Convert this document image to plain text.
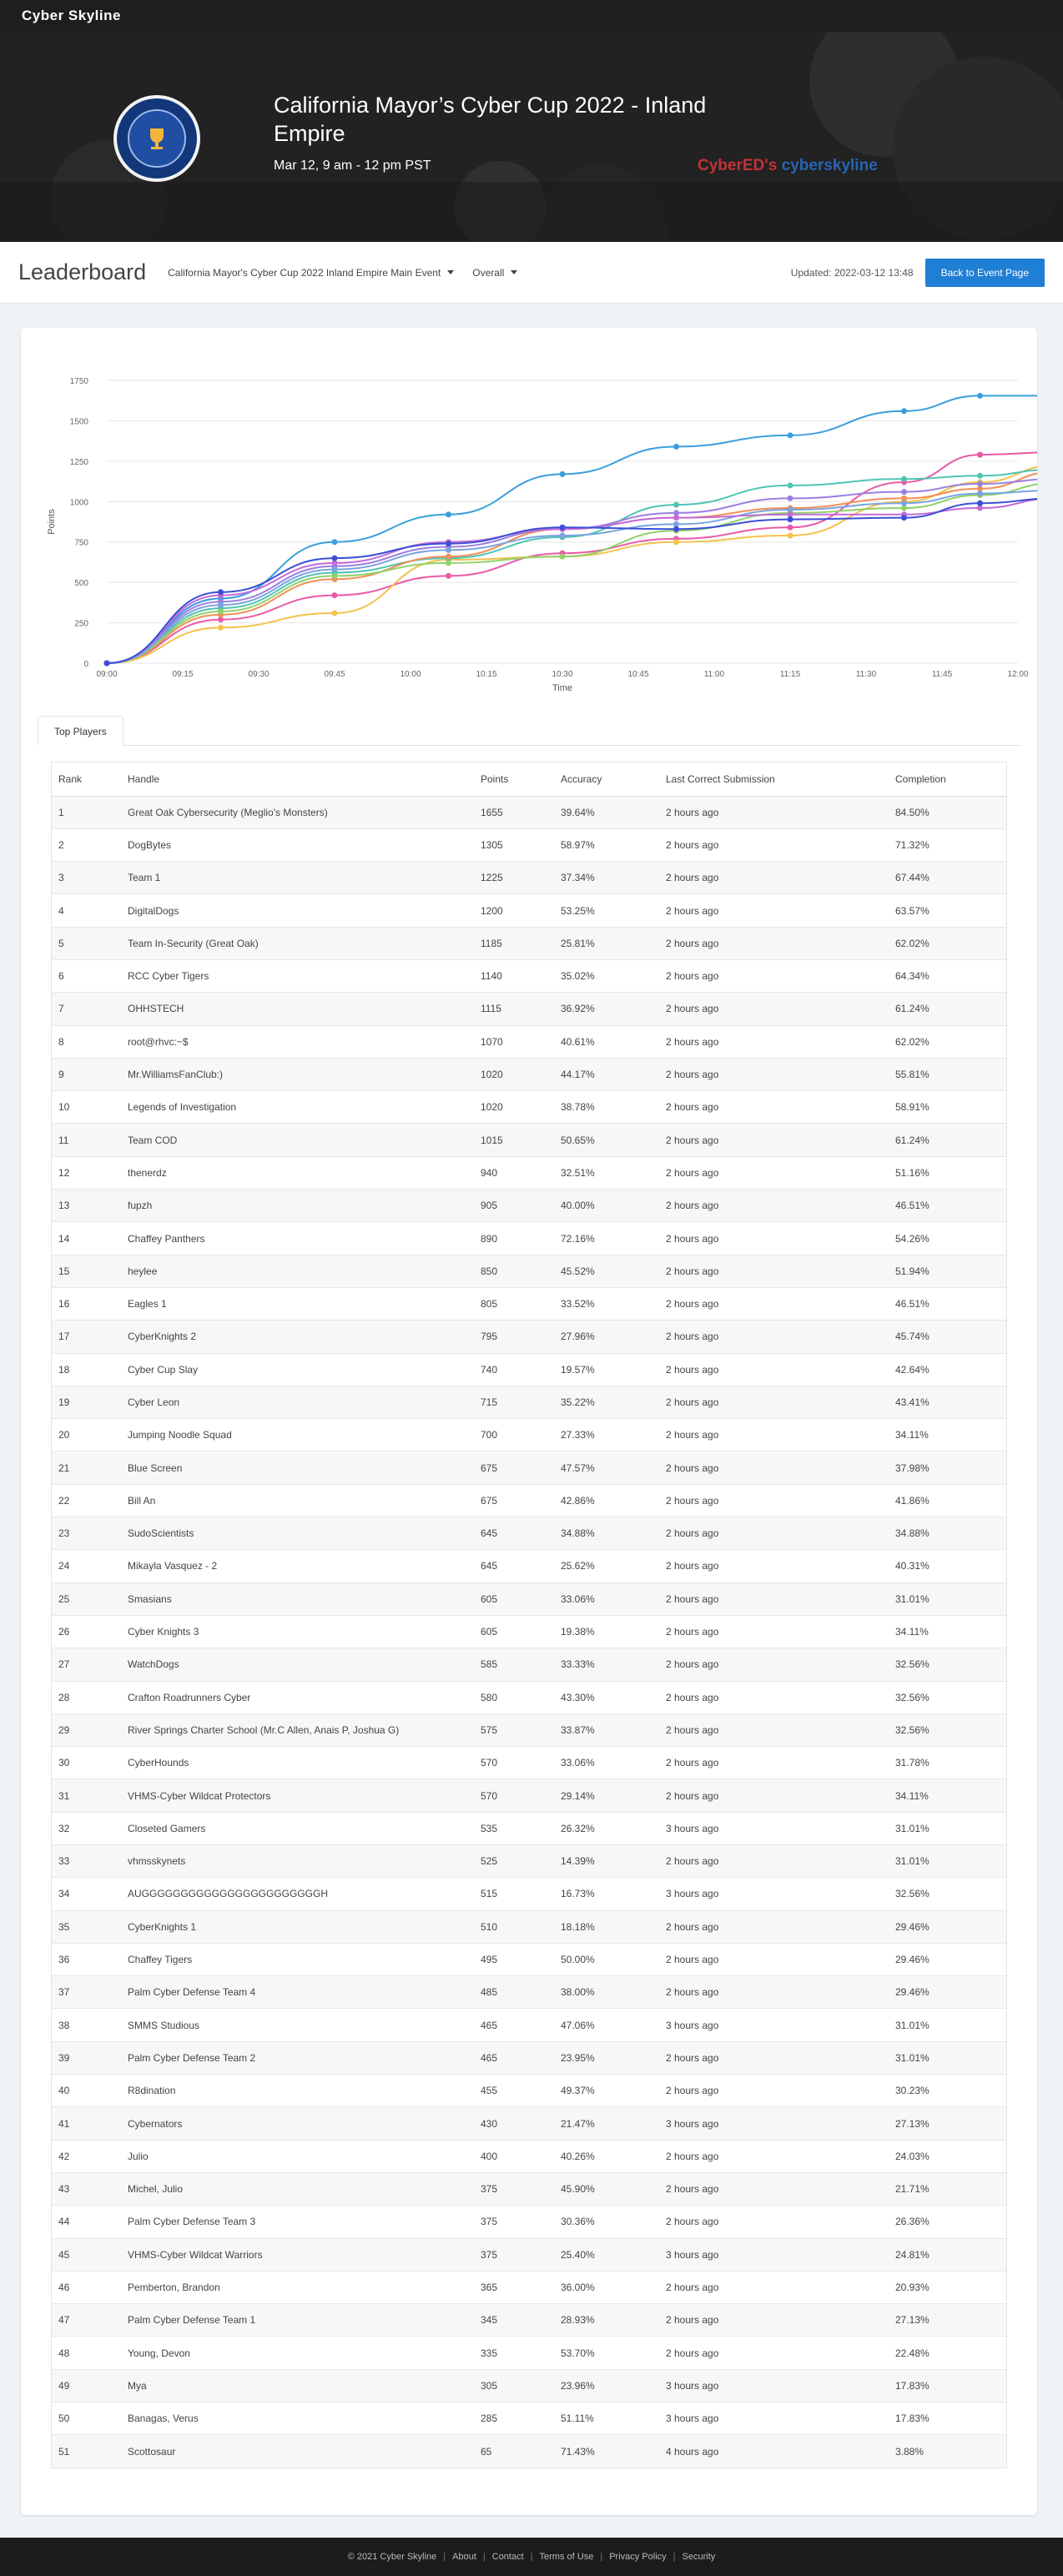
Cyber Skyline
California Mayor’s Cyber Cup 2022 - Inland Empire
Mar 12, 9 am - 12 pm PST	CyberED's cyberskyline
Leaderboard California Mayor's Cyber Cup 2022 Inland Empire Main Event	Overall	Updated: 2022-03-12 13:48	Back to Event Page
0
250
500
750
1000
1250
1500
1750
09:00	09:15	09:30	09:45	10:00	10:15	10:30	10:45	11:00	11:15	11:30	11:45	12:00
Time
Points
Top Players
Rank	Handle	Points	Accuracy	Last Correct Submission	Completion
1	Great Oak Cybersecurity (Meglio's Monsters)	1655	39.64%	2 hours ago	84.50%
2	DogBytes	1305	58.97%	2 hours ago	71.32%
3	Team 1	1225	37.34%	2 hours ago	67.44%
4	DigitalDogs	1200	53.25%	2 hours ago	63.57%
5	Team In-Security (Great Oak)	1185	25.81%	2 hours ago	62.02%
6	RCC Cyber Tigers	1140	35.02%	2 hours ago	64.34%
7	OHHSTECH	1115	36.92%	2 hours ago	61.24%
8	root@rhvc:~$	1070	40.61%	2 hours ago	62.02%
9	Mr.WilliamsFanClub:)	1020	44.17%	2 hours ago	55.81%
10	Legends of Investigation	1020	38.78%	2 hours ago	58.91%
11	Team COD	1015	50.65%	2 hours ago	61.24%
12	thenerdz	940	32.51%	2 hours ago	51.16%
13	fupzh	905	40.00%	2 hours ago	46.51%
14	Chaffey Panthers	890	72.16%	2 hours ago	54.26%
15	heylee	850	45.52%	2 hours ago	51.94%
16	Eagles 1	805	33.52%	2 hours ago	46.51%
17	CyberKnights 2	795	27.96%	2 hours ago	45.74%
18	Cyber Cup Slay	740	19.57%	2 hours ago	42.64%
19	Cyber Leon	715	35.22%	2 hours ago	43.41%
20	Jumping Noodle Squad	700	27.33%	2 hours ago	34.11%
21	Blue Screen	675	47.57%	2 hours ago	37.98%
22	Bill An	675	42.86%	2 hours ago	41.86%
23	SudoScientists	645	34.88%	2 hours ago	34.88%
24	Mikayla Vasquez - 2	645	25.62%	2 hours ago	40.31%
25	Smasians	605	33.06%	2 hours ago	31.01%
26	Cyber Knights 3	605	19.38%	2 hours ago	34.11%
27	WatchDogs	585	33.33%	2 hours ago	32.56%
28	Crafton Roadrunners Cyber	580	43.30%	2 hours ago	32.56%
29	River Springs Charter School (Mr.C Allen, Anais P, Joshua G)	575	33.87%	2 hours ago	32.56%
30	CyberHounds	570	33.06%	2 hours ago	31.78%
31	VHMS-Cyber Wildcat Protectors	570	29.14%	2 hours ago	34.11%
32	Closeted Gamers	535	26.32%	3 hours ago	31.01%
33	vhmsskynets	525	14.39%	2 hours ago	31.01%
34	AUGGGGGGGGGGGGGGGGGGGGGGGH	515	16.73%	3 hours ago	32.56%
35	CyberKnights 1	510	18.18%	2 hours ago	29.46%
36	Chaffey Tigers	495	50.00%	2 hours ago	29.46%
37	Palm Cyber Defense Team 4	485	38.00%	2 hours ago	29.46%
38	SMMS Studious	465	47.06%	3 hours ago	31.01%
39	Palm Cyber Defense Team 2	465	23.95%	2 hours ago	31.01%
40	R8dination	455	49.37%	2 hours ago	30.23%
41	Cybernators	430	21.47%	3 hours ago	27.13%
42	Julio	400	40.26%	2 hours ago	24.03%
43	Michel, Julio	375	45.90%	2 hours ago	21.71%
44	Palm Cyber Defense Team 3	375	30.36%	2 hours ago	26.36%
45	VHMS-Cyber Wildcat Warriors	375	25.40%	3 hours ago	24.81%
46	Pemberton, Brandon	365	36.00%	2 hours ago	20.93%
47	Palm Cyber Defense Team 1	345	28.93%	2 hours ago	27.13%
48	Young, Devon	335	53.70%	2 hours ago	22.48%
49	Mya	305	23.96%	3 hours ago	17.83%
50	Banagas, Verus	285	51.11%	3 hours ago	17.83%
51	Scottosaur	65	71.43%	4 hours ago	3.88%
© 2021 Cyber Skyline | About | Contact | Terms of Use | Privacy Policy | Security
